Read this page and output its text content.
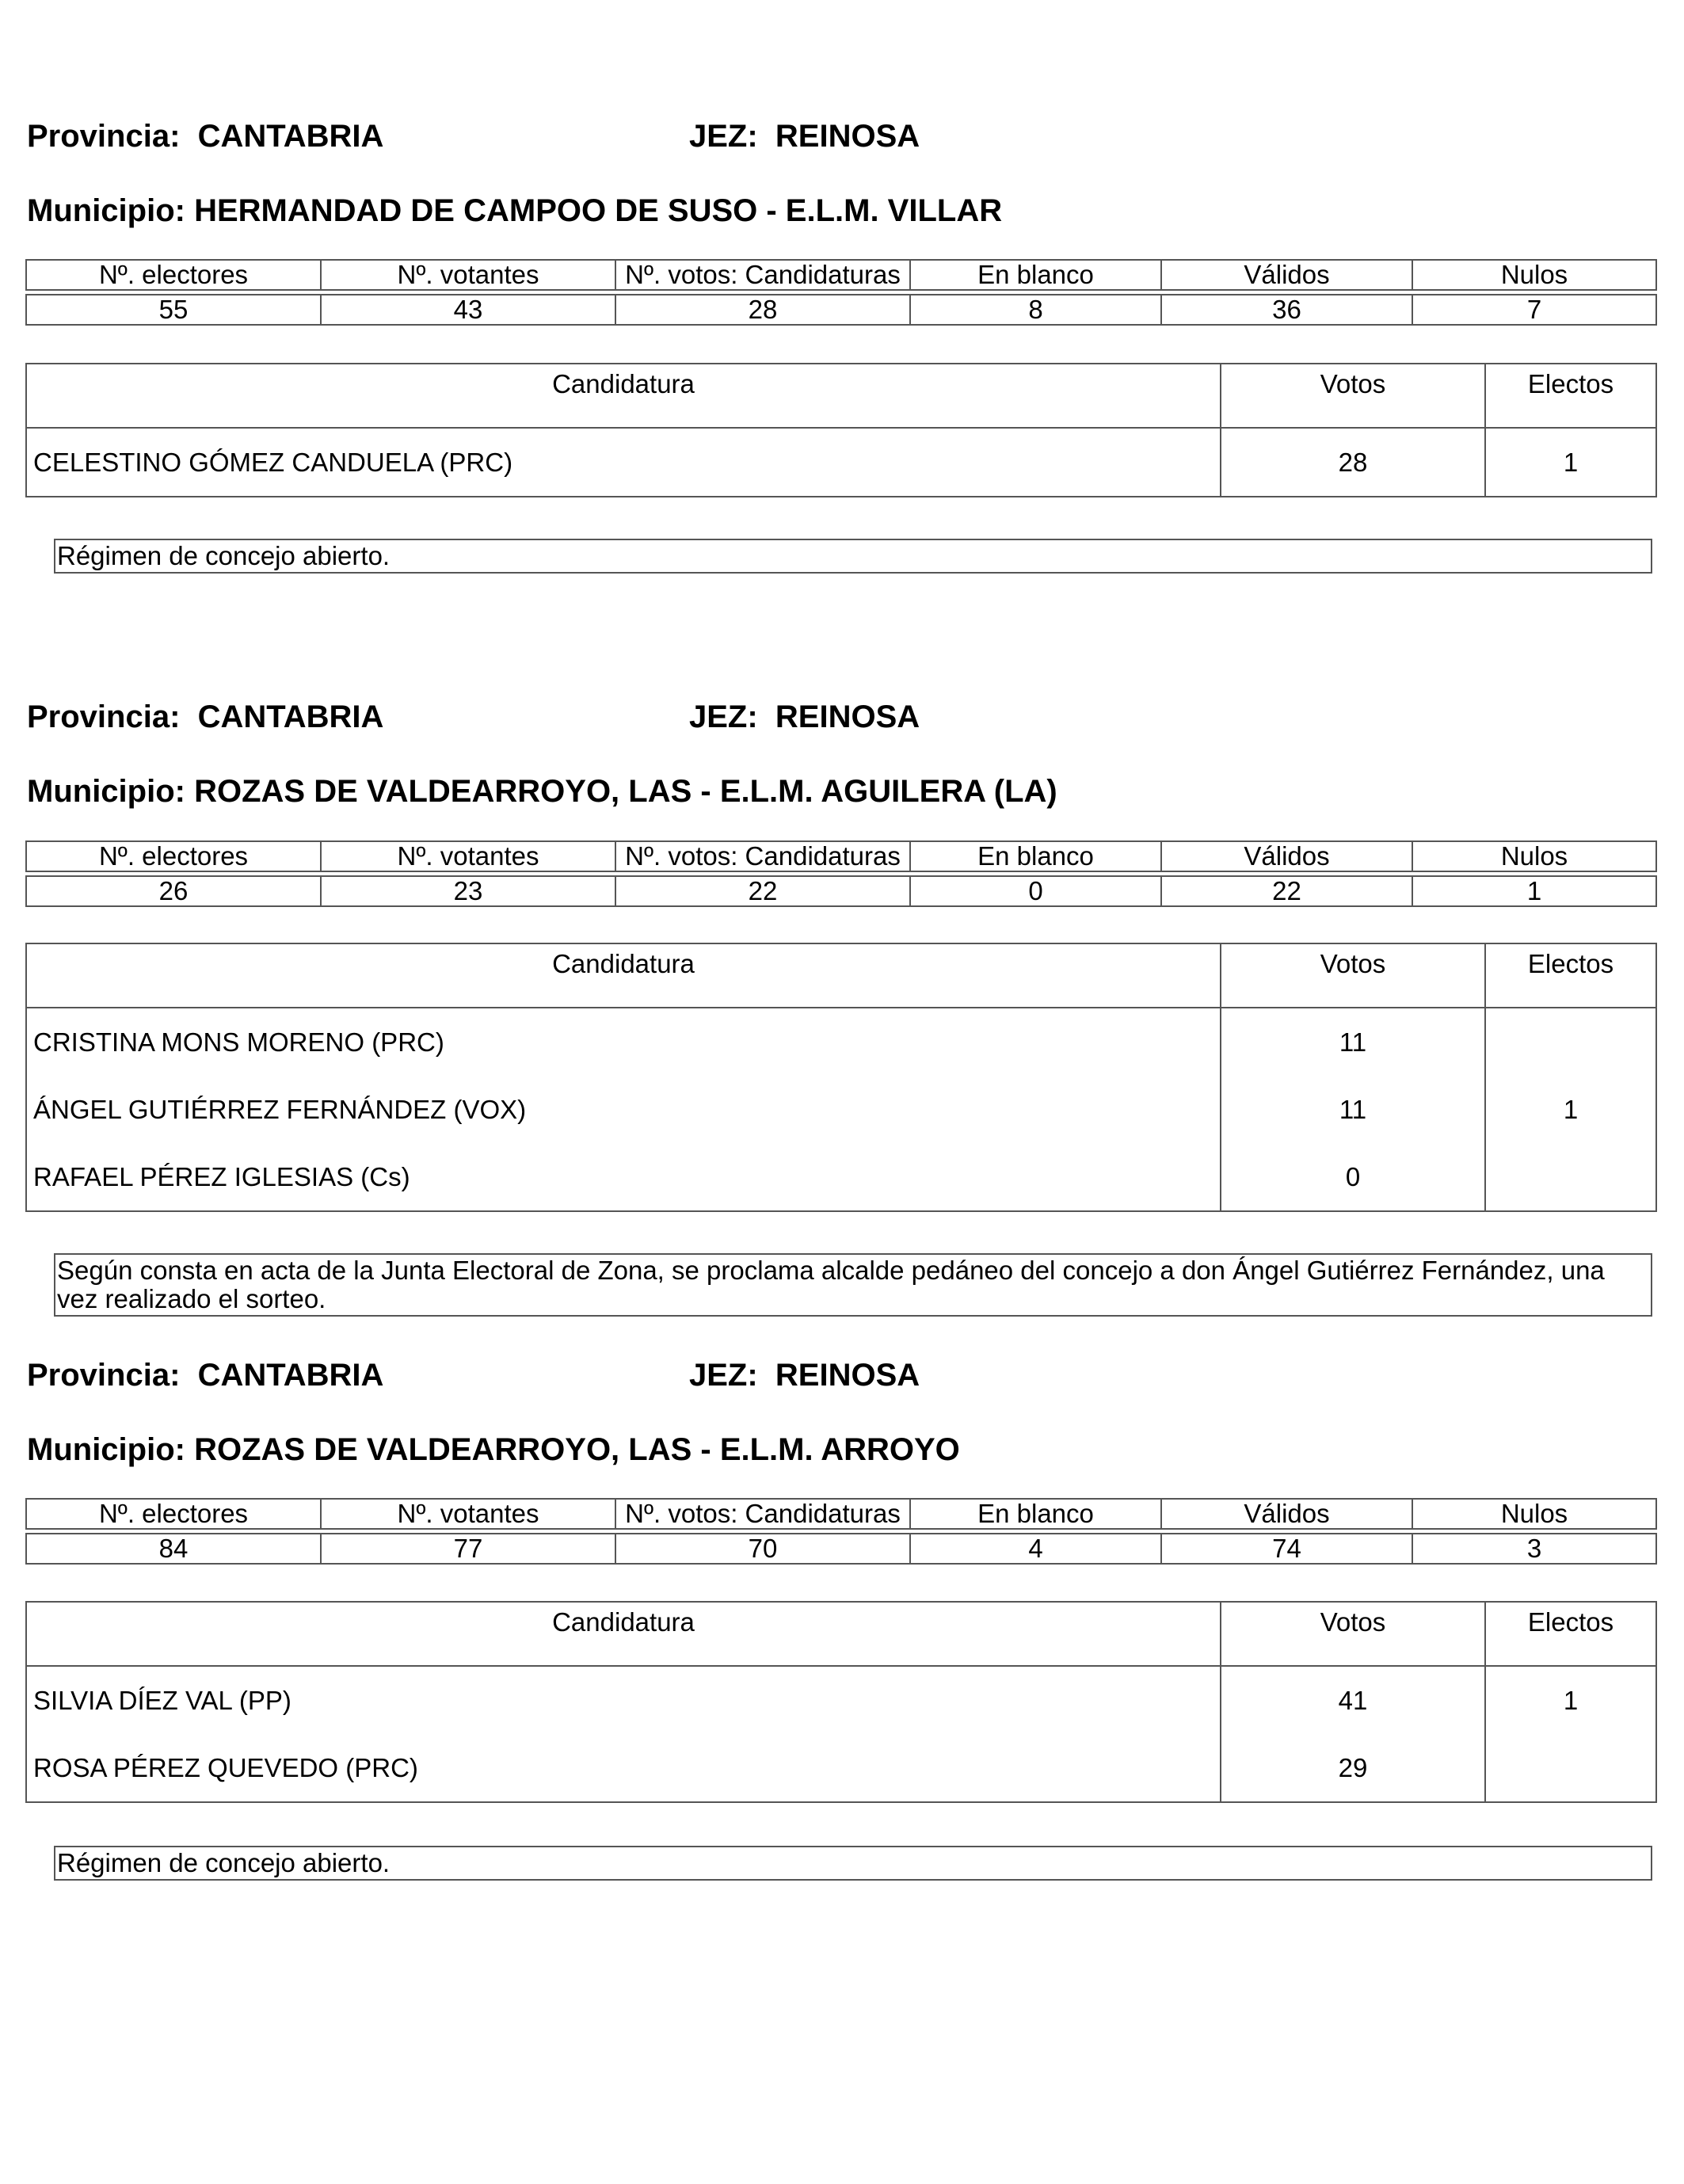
Provincia: CANTABRIA	JEZ: REINOSA
Municipio: HERMANDAD DE CAMPOO DE SUSO - E.L.M. VILLAR
Nº. electores	Nº. votantes	Nº. votos: Candidaturas	En blanco	Válidos	Nulos

55	43	28	8	36	7
Candidatura	Votos	Electos
CELESTINO GÓMEZ CANDUELA (PRC)	28	1
Régimen de concejo abierto.
Provincia: CANTABRIA	JEZ: REINOSA
Municipio: ROZAS DE VALDEARROYO, LAS - E.L.M. AGUILERA (LA)
Nº. electores	Nº. votantes	Nº. votos: Candidaturas	En blanco	Válidos	Nulos

26	23	22	0	22	1
Candidatura	Votos	Electos
CRISTINA MONS MORENO (PRC)	11	
ÁNGEL GUTIÉRREZ FERNÁNDEZ (VOX)	11	1
RAFAEL PÉREZ IGLESIAS (Cs)	0	
Según consta en acta de la Junta Electoral de Zona, se proclama alcalde pedáneo del concejo a don Ángel Gutiérrez Fernández, una vez realizado el sorteo.
Provincia: CANTABRIA	JEZ: REINOSA
Municipio: ROZAS DE VALDEARROYO, LAS - E.L.M. ARROYO
Nº. electores	Nº. votantes	Nº. votos: Candidaturas	En blanco	Válidos	Nulos

84	77	70	4	74	3
Candidatura	Votos	Electos
SILVIA DÍEZ VAL (PP)	41	1
ROSA PÉREZ QUEVEDO (PRC)	29	
Régimen de concejo abierto.
